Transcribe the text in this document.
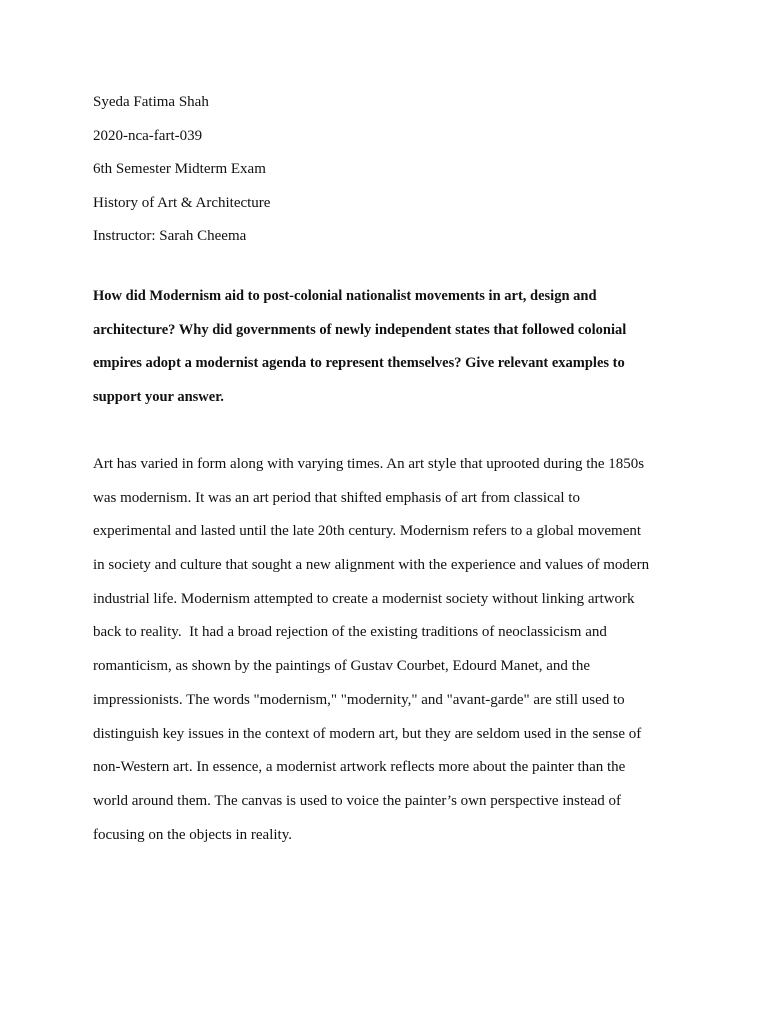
Syeda Fatima Shah
2020-nca-fart-039
6th Semester Midterm Exam
History of Art & Architecture
Instructor: Sarah Cheema
How did Modernism aid to post-colonial nationalist movements in art, design and
architecture? Why did governments of newly independent states that followed colonial
empires adopt a modernist agenda to represent themselves? Give relevant examples to
support your answer.
Art has varied in form along with varying times. An art style that uprooted during the 1850s
was modernism. It was an art period that shifted emphasis of art from classical to
experimental and lasted until the late 20th century. Modernism refers to a global movement
in society and culture that sought a new alignment with the experience and values of modern
industrial life. Modernism attempted to create a modernist society without linking artwork
back to reality.  It had a broad rejection of the existing traditions of neoclassicism and
romanticism, as shown by the paintings of Gustav Courbet, Edourd Manet, and the
impressionists. The words "modernism," "modernity," and "avant-garde" are still used to
distinguish key issues in the context of modern art, but they are seldom used in the sense of
non-Western art. In essence, a modernist artwork reflects more about the painter than the
world around them. The canvas is used to voice the painter’s own perspective instead of
focusing on the objects in reality.
